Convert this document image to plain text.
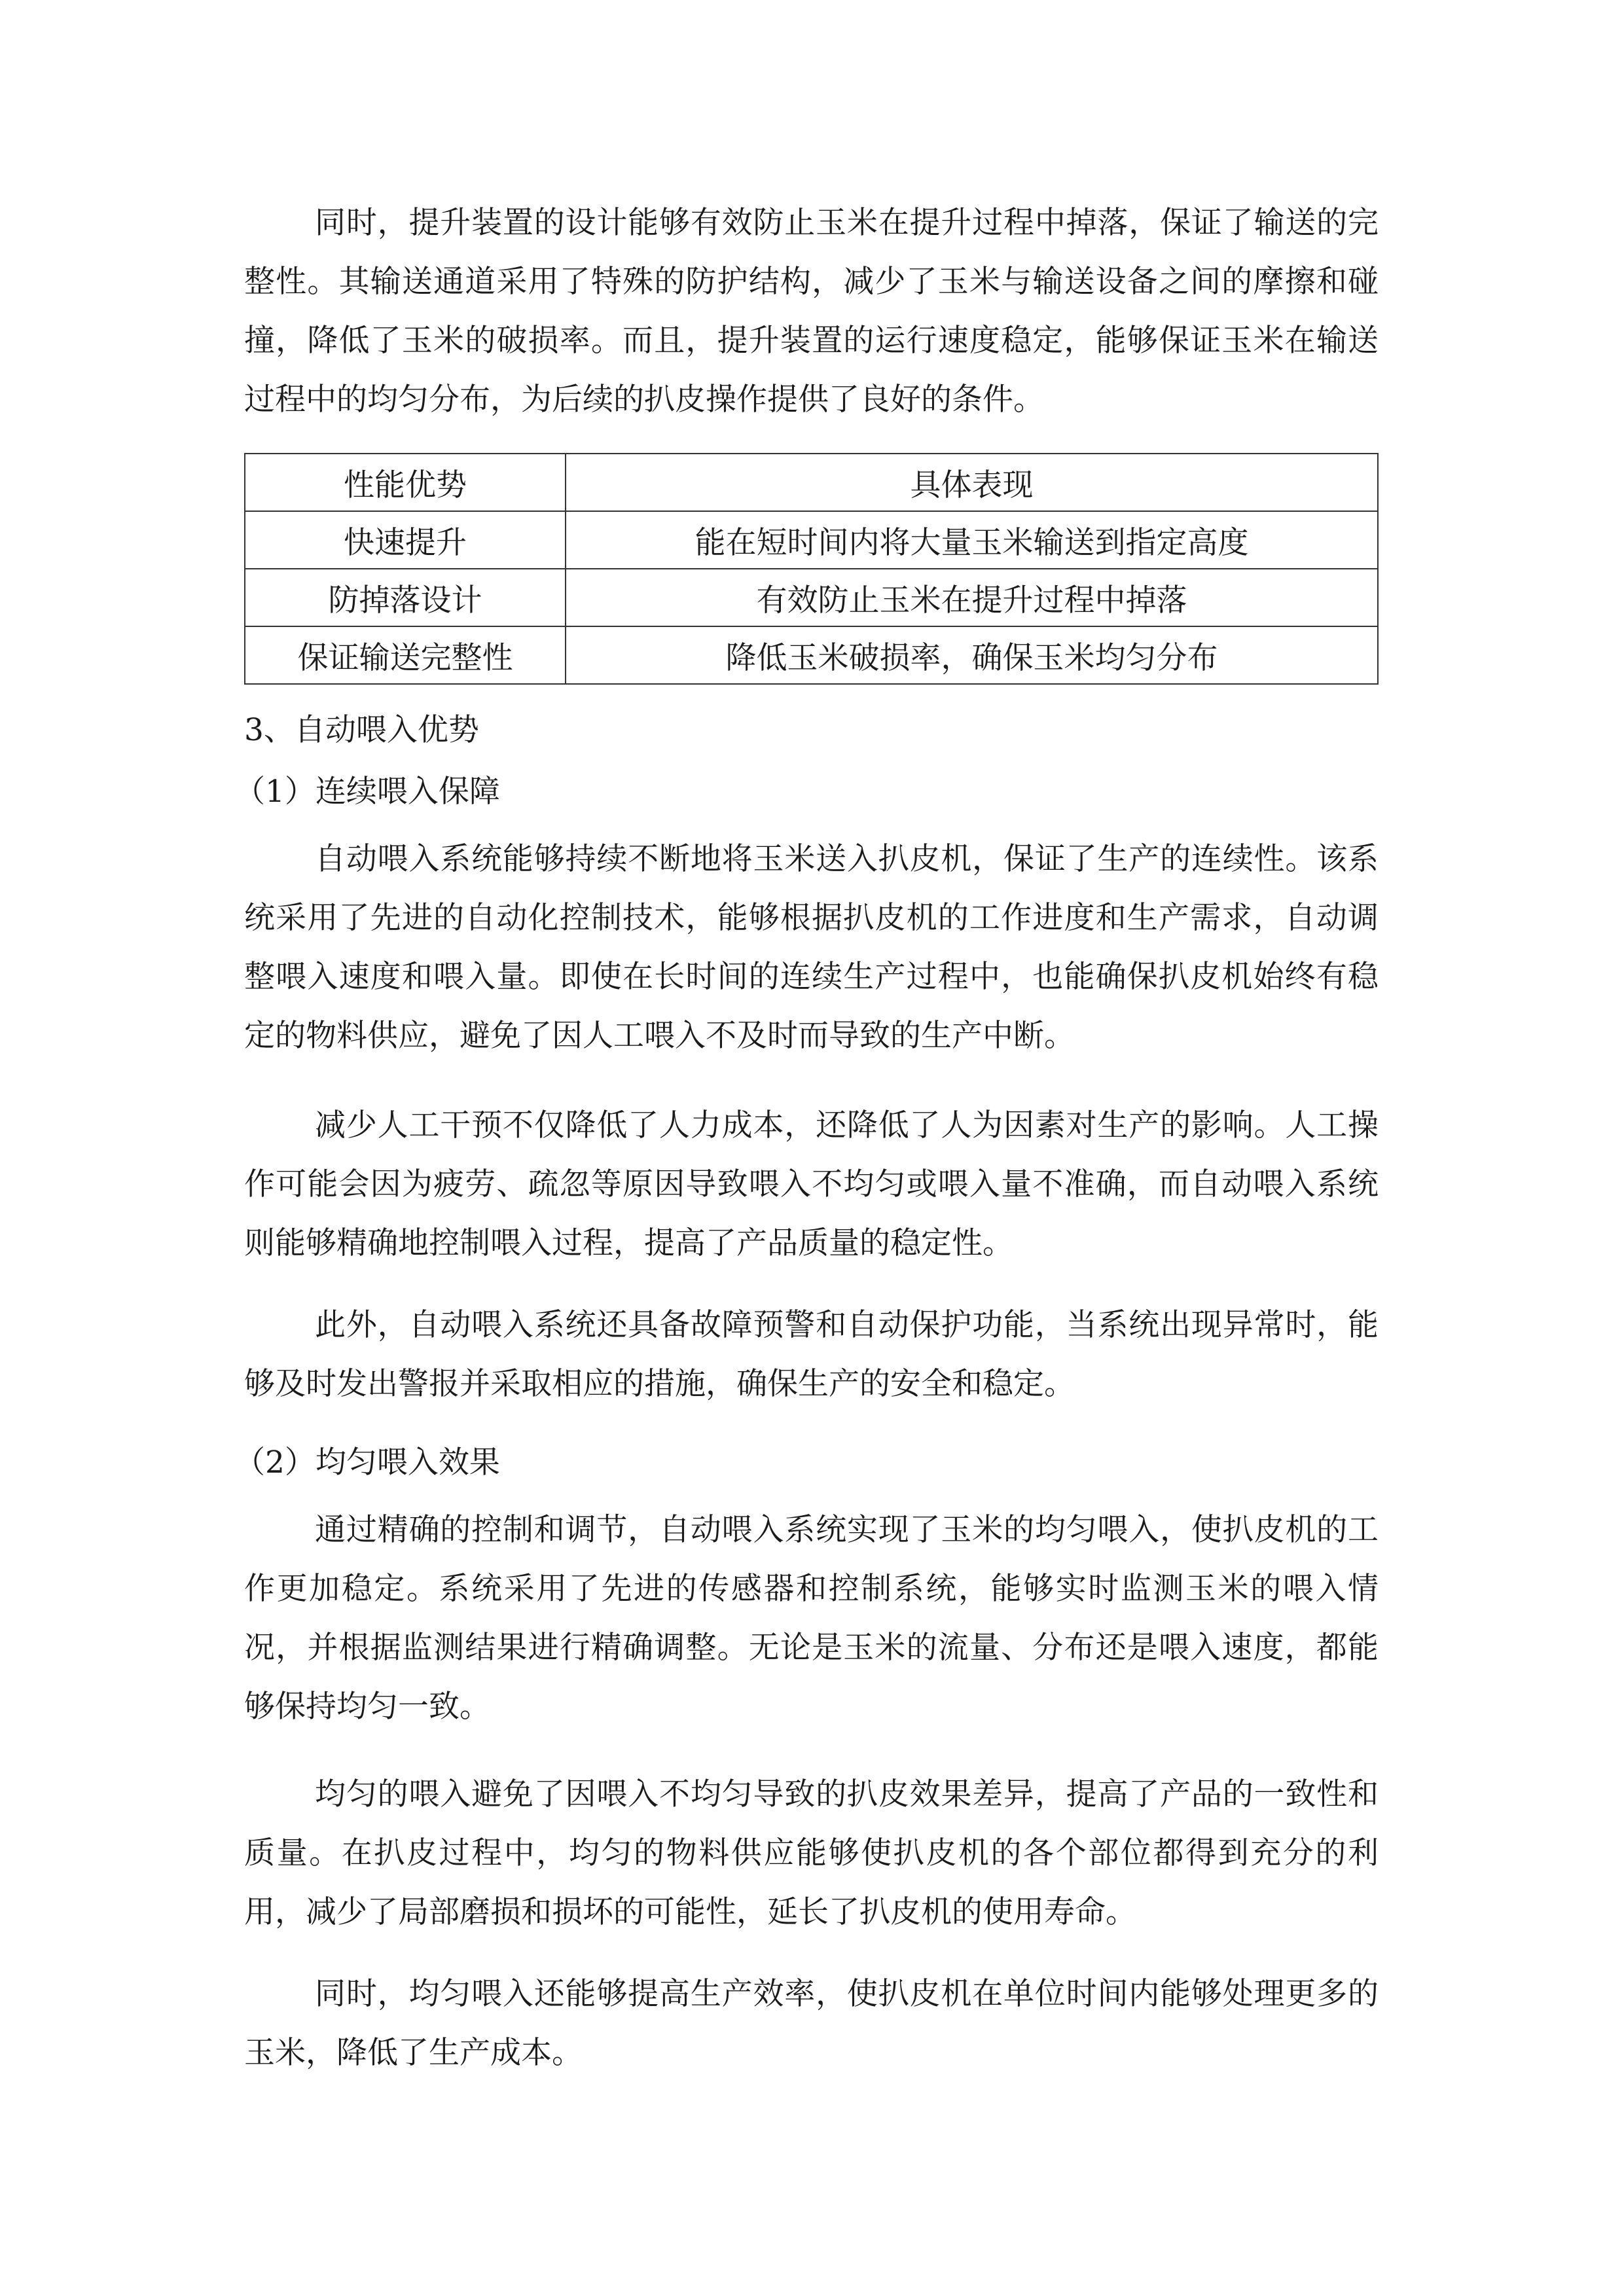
同时，提升装置的设计能够有效防止玉米在提升过程中掉落，保证了输送的完整性。其输送通道采用了特殊的防护结构，减少了玉米与输送设备之间的摩擦和碰撞，降低了玉米的破损率。而且，提升装置的运行速度稳定，能够保证玉米在输送过程中的均匀分布，为后续的扒皮操作提供了良好的条件。

性能优势	具体表现
快速提升	能在短时间内将大量玉米输送到指定高度
防掉落设计	有效防止玉米在提升过程中掉落
保证输送完整性	降低玉米破损率，确保玉米均匀分布

3、自动喂入优势

（1）连续喂入保障

自动喂入系统能够持续不断地将玉米送入扒皮机，保证了生产的连续性。该系统采用了先进的自动化控制技术，能够根据扒皮机的工作进度和生产需求，自动调整喂入速度和喂入量。即使在长时间的连续生产过程中，也能确保扒皮机始终有稳定的物料供应，避免了因人工喂入不及时而导致的生产中断。

减少人工干预不仅降低了人力成本，还降低了人为因素对生产的影响。人工操作可能会因为疲劳、疏忽等原因导致喂入不均匀或喂入量不准确，而自动喂入系统则能够精确地控制喂入过程，提高了产品质量的稳定性。

此外，自动喂入系统还具备故障预警和自动保护功能，当系统出现异常时，能够及时发出警报并采取相应的措施，确保生产的安全和稳定。

（2）均匀喂入效果

通过精确的控制和调节，自动喂入系统实现了玉米的均匀喂入，使扒皮机的工作更加稳定。系统采用了先进的传感器和控制系统，能够实时监测玉米的喂入情况，并根据监测结果进行精确调整。无论是玉米的流量、分布还是喂入速度，都能够保持均匀一致。

均匀的喂入避免了因喂入不均匀导致的扒皮效果差异，提高了产品的一致性和质量。在扒皮过程中，均匀的物料供应能够使扒皮机的各个部位都得到充分的利用，减少了局部磨损和损坏的可能性，延长了扒皮机的使用寿命。

同时，均匀喂入还能够提高生产效率，使扒皮机在单位时间内能够处理更多的玉米，降低了生产成本。
